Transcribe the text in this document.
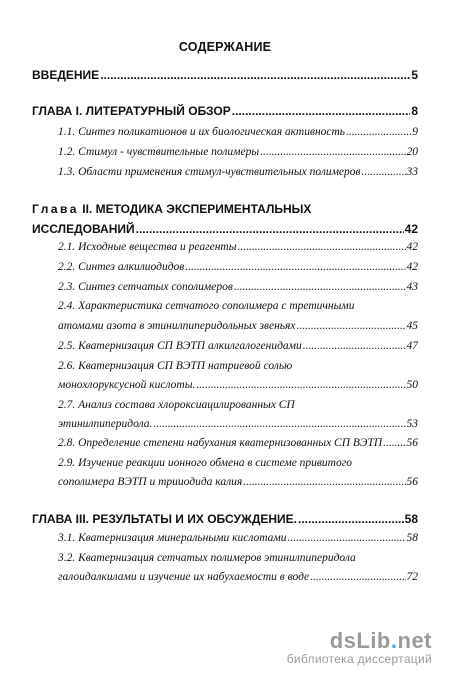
СОДЕРЖАНИЕ
ВВЕДЕНИЕ .....	5
ГЛАВА I. ЛИТЕРАТУРНЫЙ ОБЗОР .....	8
1.1. Синтез поликатионов и их биологическая активность .....	9
1.2. Стимул - чувствительные полимеры .....	20
1.3. Области применения стимул-чувствительных полимеров .....	33
Глава II. МЕТОДИКА ЭКСПЕРИМЕНТАЛЬНЫХ
ИССЛЕДОВАНИЙ .....	42
2.1. Исходные вещества и реагенты .....	42
2.2. Синтез алкилиодидов .....	42
2.3. Синтез сетчатых сополимеров .....	43
2.4. Характеристика сетчатого сополимера с третичными
атомами азота в этинилпиперидольных звеньях .....	45
2.5. Кватернизация СП ВЭТП алкилгалогенидами .....	47
2.6. Кватернизация СП ВЭТП натриевой солью
монохлоруксусной кислоты. .....	50
2.7. Анализ состава хлороксиацилированных СП
этинилпиперидола. .....	53
2.8. Определение степени набухания кватернизованных СП ВЭТП ..... 56
2.9. Изучение реакции ионного обмена в системе привитого
сополимера ВЭТП и трииодида калия .....	56
ГЛАВА III. РЕЗУЛЬТАТЫ И ИХ ОБСУЖДЕНИЕ. .....	58
3.1. Кватернизация минеральными кислотами .....	58
3.2. Кватернизация сетчатых полимеров этинилпиперидола
галоидалкилами и изучение их набухаемости в воде .....	72
dsLib.net
библиотека диссертаций
